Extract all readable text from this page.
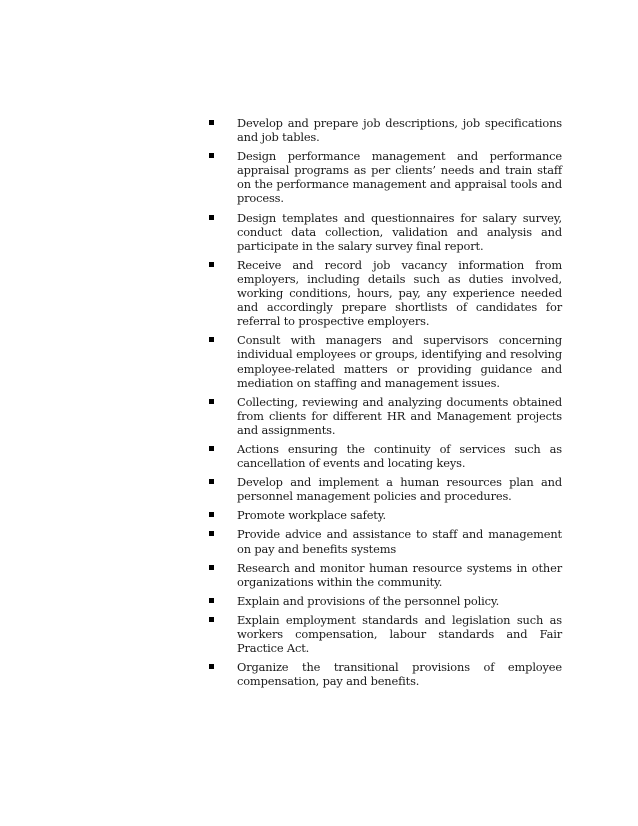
Develop and prepare job descriptions, job specifications and job tables.
Design performance management and performance appraisal programs as per clients’ needs and train staff on the performance management and appraisal tools and process.
Design templates and questionnaires for salary survey, conduct data collection, validation and analysis and participate in the salary survey final report.
Receive and record job vacancy information from employers, including details such as duties involved, working conditions, hours, pay, any experience needed and accordingly prepare shortlists of candidates for referral to prospective employers.
Consult with managers and supervisors concerning individual employees or groups, identifying and resolving employee-related matters or providing guidance and mediation on staffing and management issues.
Collecting, reviewing and analyzing documents obtained from clients for different HR and Management projects and assignments.
Actions ensuring the continuity of services such as cancellation of events and locating keys.
Develop and implement a human resources plan and personnel management policies and procedures.
Promote workplace safety.
Provide advice and assistance to staff and management on pay and benefits systems
Research and monitor human resource systems in other organizations within the community.
Explain and provisions of the personnel policy.
Explain employment standards and legislation such as workers compensation, labour standards and Fair Practice Act.
Organize the transitional provisions of employee compensation, pay and benefits.
